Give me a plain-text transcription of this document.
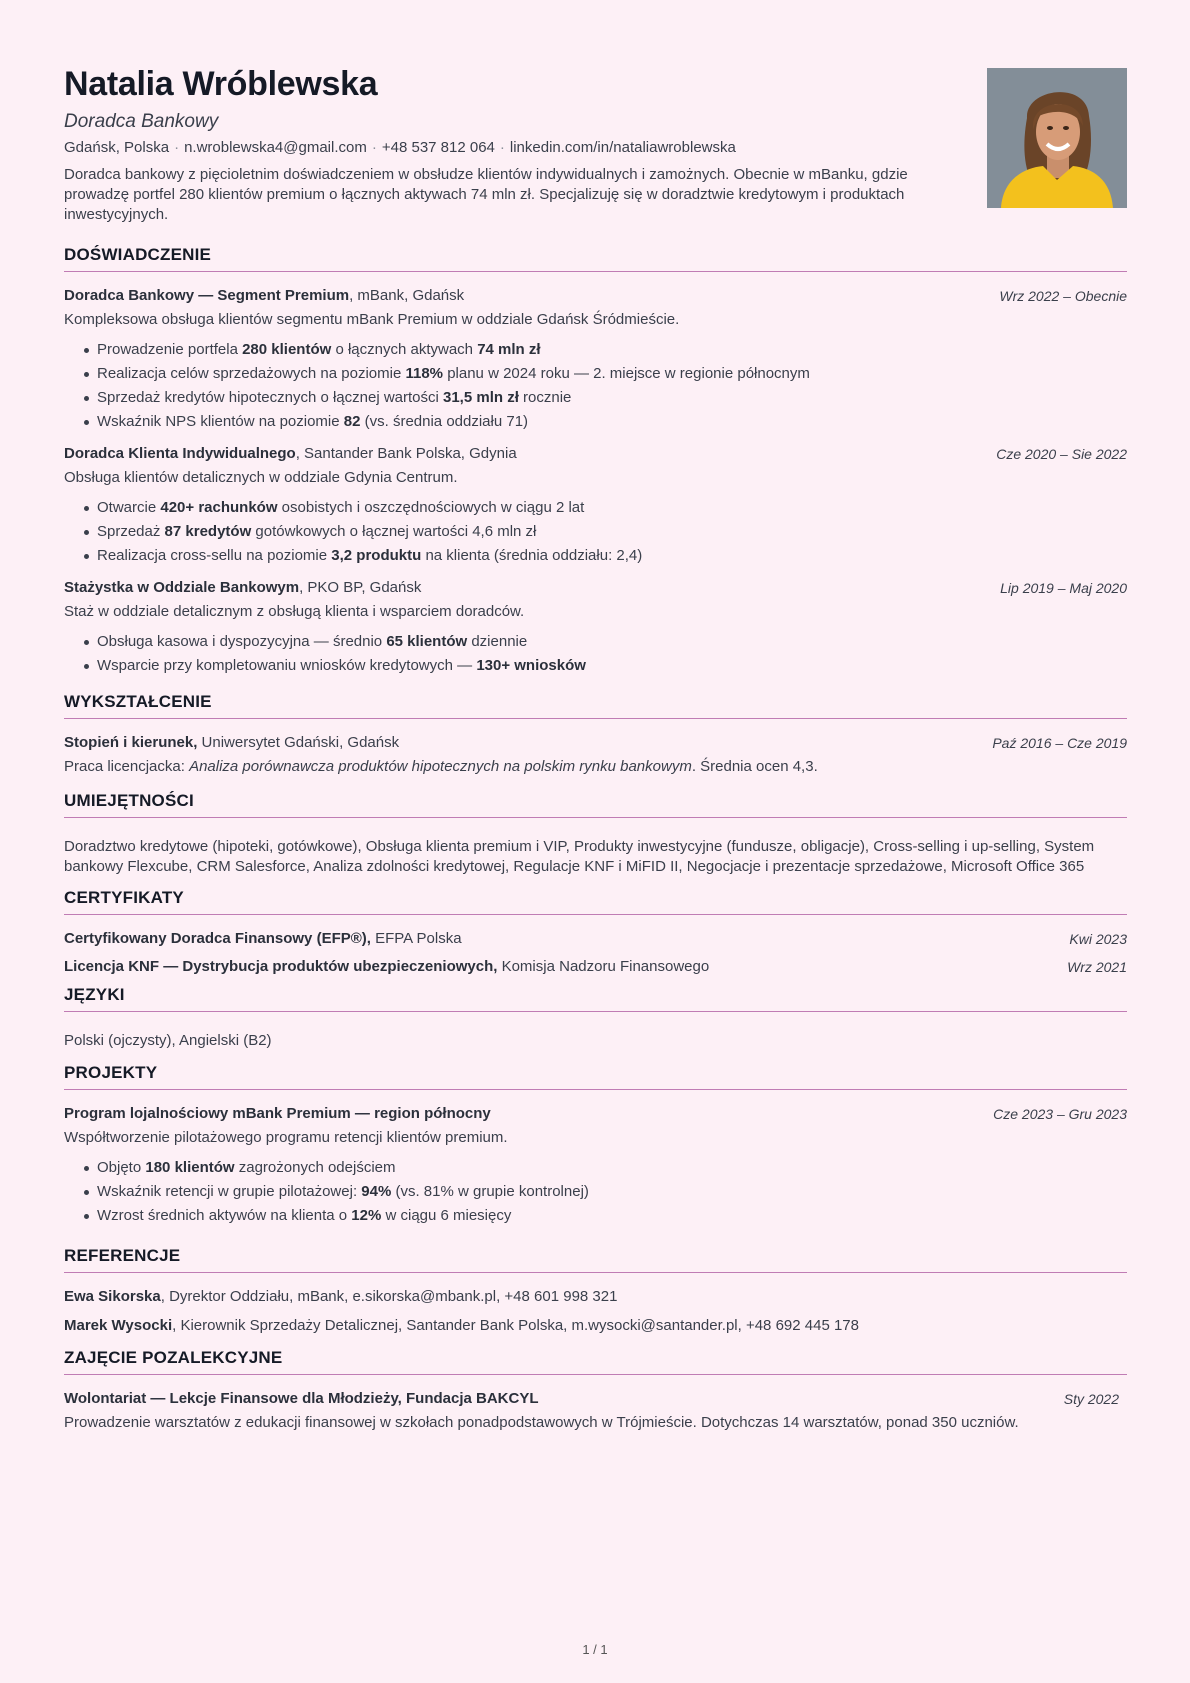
Natalia Wróblewska
Doradca Bankowy
Gdańsk, Polska · n.wroblewska4@gmail.com · +48 537 812 064 · linkedin.com/in/nataliawroblewska
Doradca bankowy z pięcioletnim doświadczeniem w obsłudze klientów indywidualnych i zamożnych. Obecnie w mBanku, gdzie prowadzę portfel 280 klientów premium o łącznych aktywach 74 mln zł. Specjalizuję się w doradztwie kredytowym i produktach inwestycyjnych.
DOŚWIADCZENIE
Doradca Bankowy — Segment Premium, mBank, Gdańsk	Wrz 2022 – Obecnie
Kompleksowa obsługa klientów segmentu mBank Premium w oddziale Gdańsk Śródmieście.
Prowadzenie portfela 280 klientów o łącznych aktywach 74 mln zł
Realizacja celów sprzedażowych na poziomie 118% planu w 2024 roku — 2. miejsce w regionie północnym
Sprzedaż kredytów hipotecznych o łącznej wartości 31,5 mln zł rocznie
Wskaźnik NPS klientów na poziomie 82 (vs. średnia oddziału 71)
Doradca Klienta Indywidualnego, Santander Bank Polska, Gdynia	Cze 2020 – Sie 2022
Obsługa klientów detalicznych w oddziale Gdynia Centrum.
Otwarcie 420+ rachunków osobistych i oszczędnościowych w ciągu 2 lat
Sprzedaż 87 kredytów gotówkowych o łącznej wartości 4,6 mln zł
Realizacja cross-sellu na poziomie 3,2 produktu na klienta (średnia oddziału: 2,4)
Stażystka w Oddziale Bankowym, PKO BP, Gdańsk	Lip 2019 – Maj 2020
Staż w oddziale detalicznym z obsługą klienta i wsparciem doradców.
Obsługa kasowa i dyspozycyjna — średnio 65 klientów dziennie
Wsparcie przy kompletowaniu wniosków kredytowych — 130+ wniosków
WYKSZTAŁCENIE
Stopień i kierunek, Uniwersytet Gdański, Gdańsk	Paź 2016 – Cze 2019
Praca licencjacka: Analiza porównawcza produktów hipotecznych na polskim rynku bankowym. Średnia ocen 4,3.
UMIEJĘTNOŚCI
Doradztwo kredytowe (hipoteki, gotówkowe), Obsługa klienta premium i VIP, Produkty inwestycyjne (fundusze, obligacje), Cross-selling i up-selling, System bankowy Flexcube, CRM Salesforce, Analiza zdolności kredytowej, Regulacje KNF i MiFID II, Negocjacje i prezentacje sprzedażowe, Microsoft Office 365
CERTYFIKATY
Certyfikowany Doradca Finansowy (EFP®), EFPA Polska	Kwi 2023
Licencja KNF — Dystrybucja produktów ubezpieczeniowych, Komisja Nadzoru Finansowego	Wrz 2021
JĘZYKI
Polski (ojczysty), Angielski (B2)
PROJEKTY
Program lojalnościowy mBank Premium — region północny	Cze 2023 – Gru 2023
Współtworzenie pilotażowego programu retencji klientów premium.
Objęto 180 klientów zagrożonych odejściem
Wskaźnik retencji w grupie pilotażowej: 94% (vs. 81% w grupie kontrolnej)
Wzrost średnich aktywów na klienta o 12% w ciągu 6 miesięcy
REFERENCJE
Ewa Sikorska, Dyrektor Oddziału, mBank, e.sikorska@mbank.pl, +48 601 998 321
Marek Wysocki, Kierownik Sprzedaży Detalicznej, Santander Bank Polska, m.wysocki@santander.pl, +48 692 445 178
ZAJĘCIE POZALEKCYJNE
Wolontariat — Lekcje Finansowe dla Młodzieży, Fundacja BAKCYL	Sty 2022
Prowadzenie warsztatów z edukacji finansowej w szkołach ponadpodstawowych w Trójmieście. Dotychczas 14 warsztatów, ponad 350 uczniów.
1 / 1
